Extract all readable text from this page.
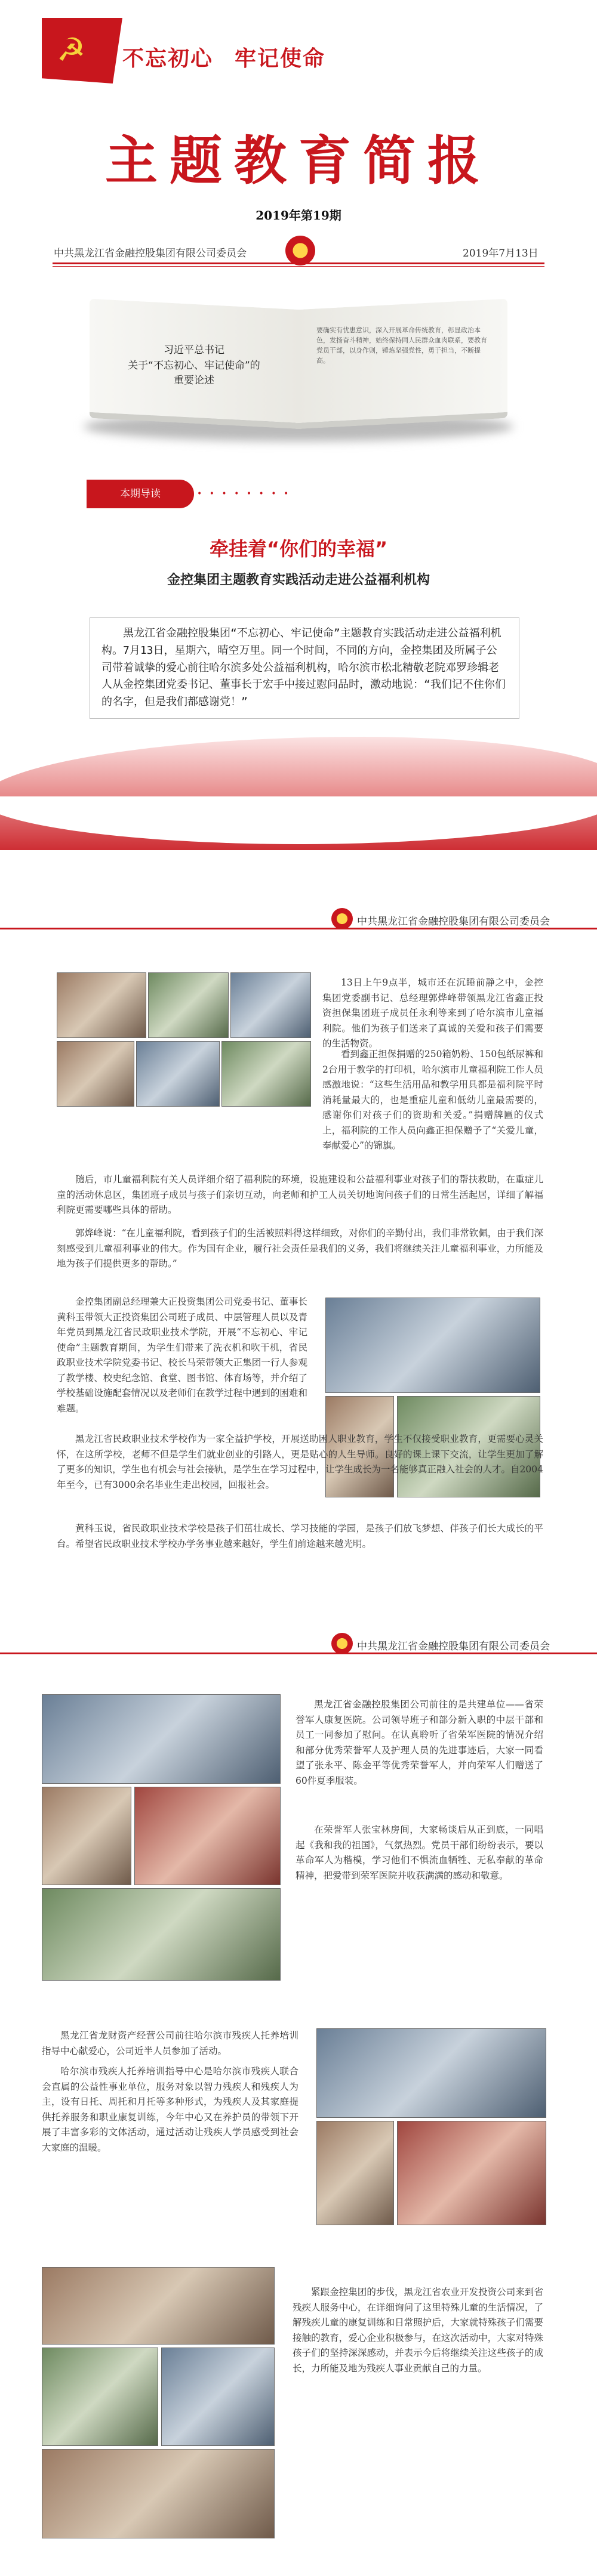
☭ 不忘初心 牢记使命
主题教育简报
2019年第19期
中共黑龙江省金融控股集团有限公司委员会	2019年7月13日
习近平总书记
关于“不忘初心、牢记使命”的
重要论述
要确实有忧患意识，深入开展革命传统教育，彰显政治本色，发扬奋斗精神，始终保持同人民群众血肉联系，要教育党员干部，以身作则，锤炼坚强党性，勇于担当，不断提高。
本期导读	• • • • • • • •
牵挂着“你们的幸福”
金控集团主题教育实践活动走进公益福利机构
黑龙江省金融控股集团“不忘初心、牢记使命”主题教育实践活动走进公益福利机构。7月13日，星期六，晴空万里。同一个时间，不同的方向，金控集团及所属子公司带着诚挚的爱心前往哈尔滨多处公益福利机构，哈尔滨市松北精敬老院邓罗珍辑老人从金控集团党委书记、董事长于宏手中接过慰问品时，激动地说：“我们记不住你们的名字，但是我们都感谢党！”
中共黑龙江省金融控股集团有限公司委员会
13日上午9点半，城市还在沉睡前静之中，金控集团党委副书记、总经理郭烨峰带领黑龙江省鑫正投资担保集团班子成员任永利等来到了哈尔滨市儿童福利院。他们为孩子们送来了真诚的关爱和孩子们需要的生活物资。
看到鑫正担保捐赠的250箱奶粉、150包纸尿裤和2台用于教学的打印机，哈尔滨市儿童福利院工作人员感激地说：“这些生活用品和教学用具都是福利院平时消耗量最大的，也是重症儿童和低幼儿童最需要的，感谢你们对孩子们的资助和关爱。”捐赠牌匾的仪式上，福利院的工作人员向鑫正担保赠予了“关爱儿童，奉献爱心”的锦旗。
随后，市儿童福利院有关人员详细介绍了福利院的环境，设施建设和公益福利事业对孩子们的帮扶救助，在重症儿童的活动休息区，集团班子成员与孩子们亲切互动，向老师和护工人员关切地询问孩子们的日常生活起居，详细了解福利院更需要哪些具体的帮助。
郭烨峰说：“在儿童福利院，看到孩子们的生活被照料得这样细致，对你们的辛勤付出，我们非常钦佩，由于我们深刻感受到儿童福利事业的伟大。作为国有企业，履行社会责任是我们的义务，我们将继续关注儿童福利事业，力所能及地为孩子们提供更多的帮助。”
金控集团副总经理兼大正投资集团公司党委书记、董事长黄科玉带领大正投资集团公司班子成员、中层管理人员以及青年党员到黑龙江省民政职业技术学院，开展“不忘初心、牢记使命”主题教育期间，为学生们带来了洗衣机和吹干机，省民政职业技术学院党委书记、校长马荣带领大正集团一行人参观了教学楼、校史纪念馆、食堂、图书馆、体育场等，并介绍了学校基础设施配套情况以及老师们在教学过程中遇到的困难和难题。
黑龙江省民政职业技术学校作为一家全益护学校，开展送助困人职业教育，学生不仅接受职业教育，更需要心灵关怀，在这所学校，老师不但是学生们就业创业的引路人，更是贴心的人生导师。良好的课上课下交流，让学生更加了解了更多的知识，学生也有机会与社会接轨，是学生在学习过程中，让学生成长为一名能够真正融入社会的人才。自2004年至今，已有3000余名毕业生走出校园，回报社会。
黄科玉说，省民政职业技术学校是孩子们茁壮成长、学习技能的学园，是孩子们放飞梦想、伴孩子们长大成长的平台。希望省民政职业技术学校办学务事业越来越好，学生们前途越来越光明。
中共黑龙江省金融控股集团有限公司委员会
黑龙江省金融控股集团公司前往的是共建单位——省荣誉军人康复医院。公司领导班子和部分新入职的中层干部和员工一同参加了慰问。在认真聆听了省荣军医院的情况介绍和部分优秀荣誉军人及护理人员的先进事迹后，大家一同看望了张永平、陈金平等优秀荣誉军人，并向荣军人们赠送了60件夏季服装。
在荣誉军人张宝林房间，大家畅谈后从正到底，一同唱起《我和我的祖国》，气氛热烈。党员干部们纷纷表示，要以革命军人为楷模，学习他们不惧流血牺牲、无私奉献的革命精神，把爱带到荣军医院并收获满满的感动和敬意。
黑龙江省龙财资产经营公司前往哈尔滨市残疾人托养培训指导中心献爱心，公司近半人员参加了活动。
哈尔滨市残疾人托养培训指导中心是哈尔滨市残疾人联合会直属的公益性事业单位，服务对象以智力残疾人和残疾人为主，设有日托、周托和月托等多种形式，为残疾人及其家庭提供托养服务和职业康复训练，今年中心又在养护员的带领下开展了丰富多彩的文体活动，通过活动让残疾人学员感受到社会大家庭的温暖。
紧跟金控集团的步伐，黑龙江省农业开发投资公司来到省残疾人服务中心，在详细询问了这里特殊儿童的生活情况，了解残疾儿童的康复训练和日常照护后，大家就特殊孩子们需要接触的教育，爱心企业积极参与，在这次活动中，大家对特殊孩子们的坚持深深感动，并表示今后将继续关注这些孩子的成长，力所能及地为残疾人事业贡献自己的力量。
